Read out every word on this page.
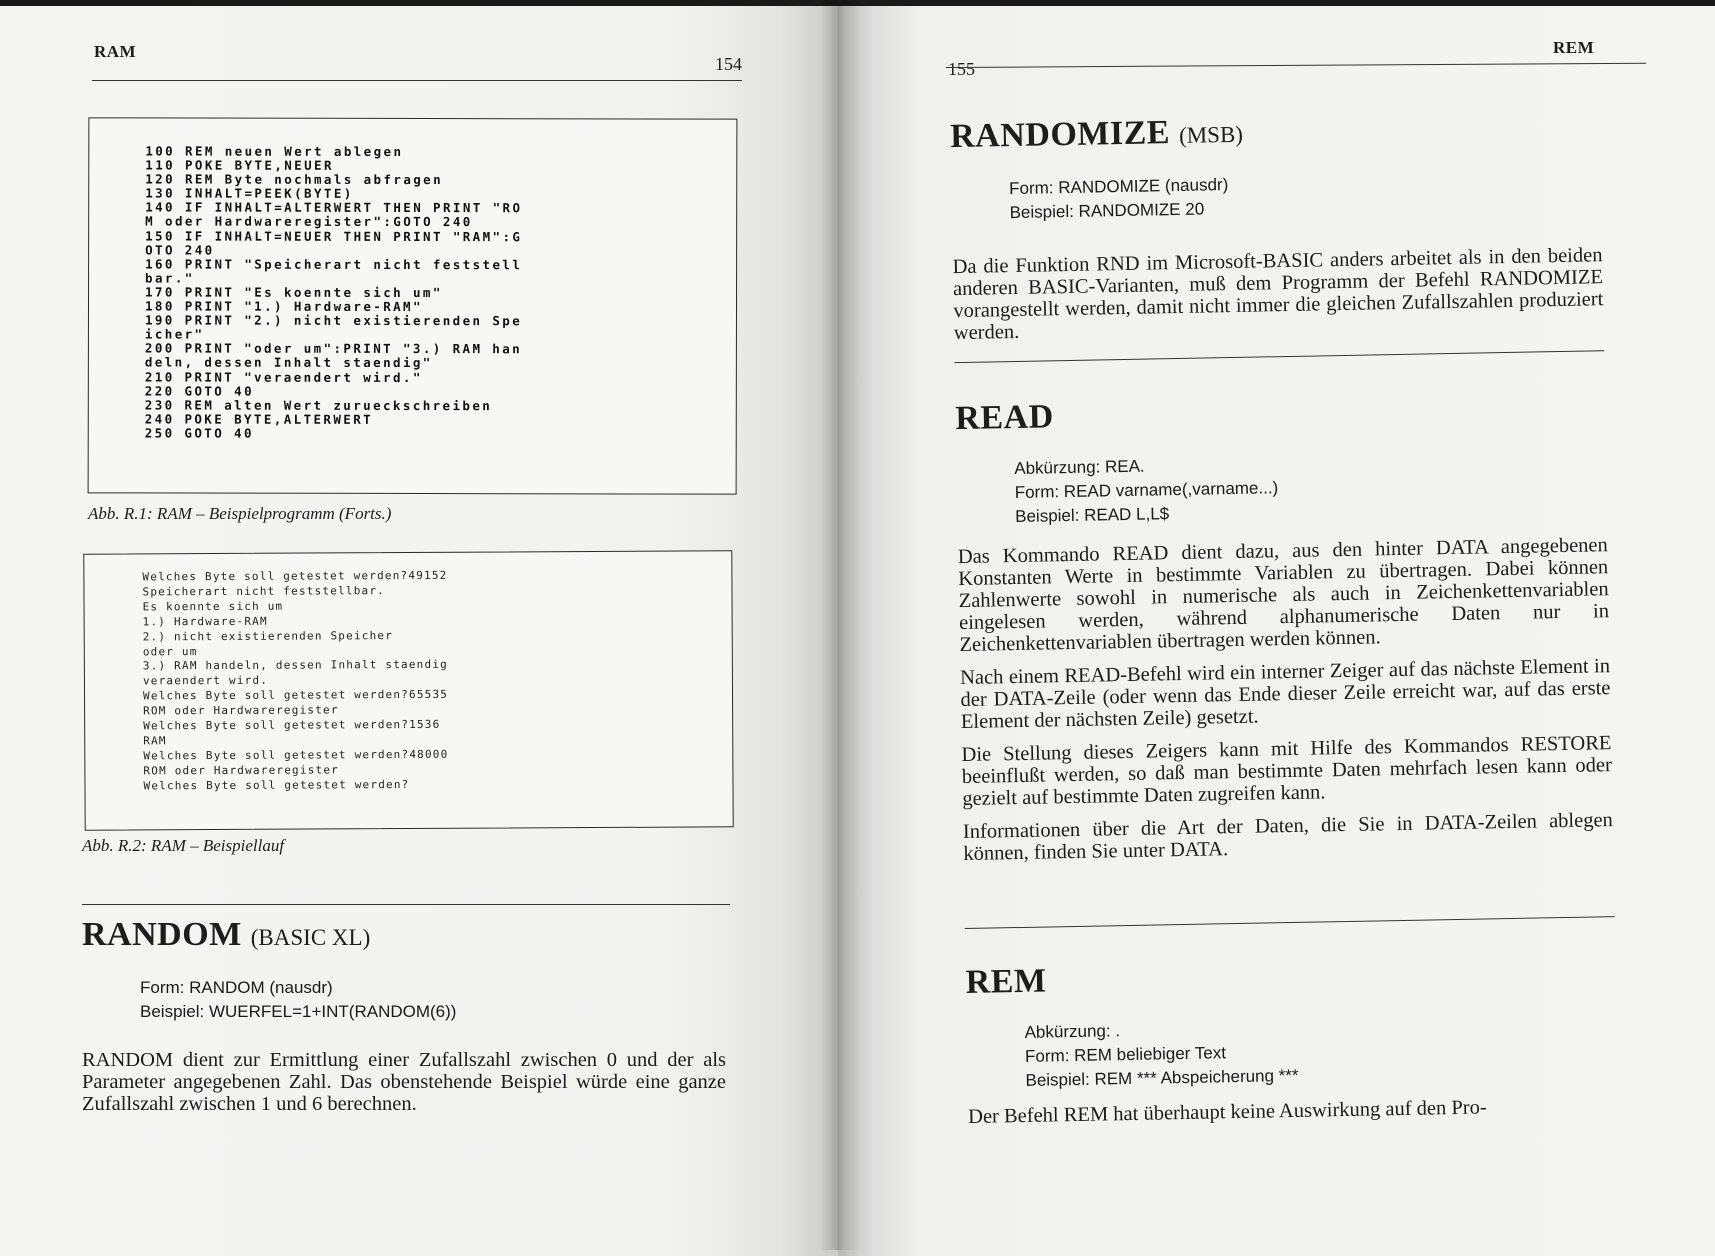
RAM
154
100 REM neuen Wert ablegen
110 POKE BYTE,NEUER
120 REM Byte nochmals abfragen
130 INHALT=PEEK(BYTE)
140 IF INHALT=ALTERWERT THEN PRINT "RO
M oder Hardwareregister":GOTO 240
150 IF INHALT=NEUER THEN PRINT "RAM":G
OTO 240
160 PRINT "Speicherart nicht feststell
bar."
170 PRINT "Es koennte sich um"
180 PRINT "1.) Hardware-RAM"
190 PRINT "2.) nicht existierenden Spe
icher"
200 PRINT "oder um":PRINT "3.) RAM han
deln, dessen Inhalt staendig"
210 PRINT "veraendert wird."
220 GOTO 40
230 REM alten Wert zurueckschreiben
240 POKE BYTE,ALTERWERT
250 GOTO 40
Abb. R.1: RAM – Beispielprogramm (Forts.)
Welches Byte soll getestet werden?49152
Speicherart nicht feststellbar.
Es koennte sich um
1.) Hardware-RAM
2.) nicht existierenden Speicher
oder um
3.) RAM handeln, dessen Inhalt staendig
veraendert wird.
Welches Byte soll getestet werden?65535
ROM oder Hardwareregister
Welches Byte soll getestet werden?1536
RAM
Welches Byte soll getestet werden?48000
ROM oder Hardwareregister
Welches Byte soll getestet werden?
Abb. R.2: RAM – Beispiellauf
RANDOM (BASIC XL)
Form: RANDOM (nausdr)
Beispiel: WUERFEL=1+INT(RANDOM(6))

RANDOM dient zur Ermittlung einer Zufallszahl zwischen 0 und der als Parameter angegebenen Zahl. Das obenstehende Beispiel würde eine ganze Zufallszahl zwischen 1 und 6 berechnen.

155
REM
RANDOMIZE (MSB)
Form: RANDOMIZE (nausdr)
Beispiel: RANDOMIZE 20

Da die Funktion RND im Microsoft-BASIC anders arbeitet als in den beiden anderen BASIC-Varianten, muß dem Programm der Befehl RANDOMIZE vorangestellt werden, damit nicht immer die gleichen Zufallszahlen produziert werden.

READ
Abkürzung: REA.
Form: READ varname(,varname...)
Beispiel: READ L,L$

Das Kommando READ dient dazu, aus den hinter DATA angegebenen Konstanten Werte in bestimmte Variablen zu übertragen. Dabei können Zahlenwerte sowohl in numerische als auch in Zeichenkettenvariablen eingelesen werden, während alphanumerische Daten nur in Zeichenkettenvariablen übertragen werden können.

Nach einem READ-Befehl wird ein interner Zeiger auf das nächste Element in der DATA-Zeile (oder wenn das Ende dieser Zeile erreicht war, auf das erste Element der nächsten Zeile) gesetzt.

Die Stellung dieses Zeigers kann mit Hilfe des Kommandos RESTORE beeinflußt werden, so daß man bestimmte Daten mehrfach lesen kann oder gezielt auf bestimmte Daten zugreifen kann.

Informationen über die Art der Daten, die Sie in DATA-Zeilen ablegen können, finden Sie unter DATA.

REM
Abkürzung: .
Form: REM beliebiger Text
Beispiel: REM *** Abspeicherung ***

Der Befehl REM hat überhaupt keine Auswirkung auf den Pro-
